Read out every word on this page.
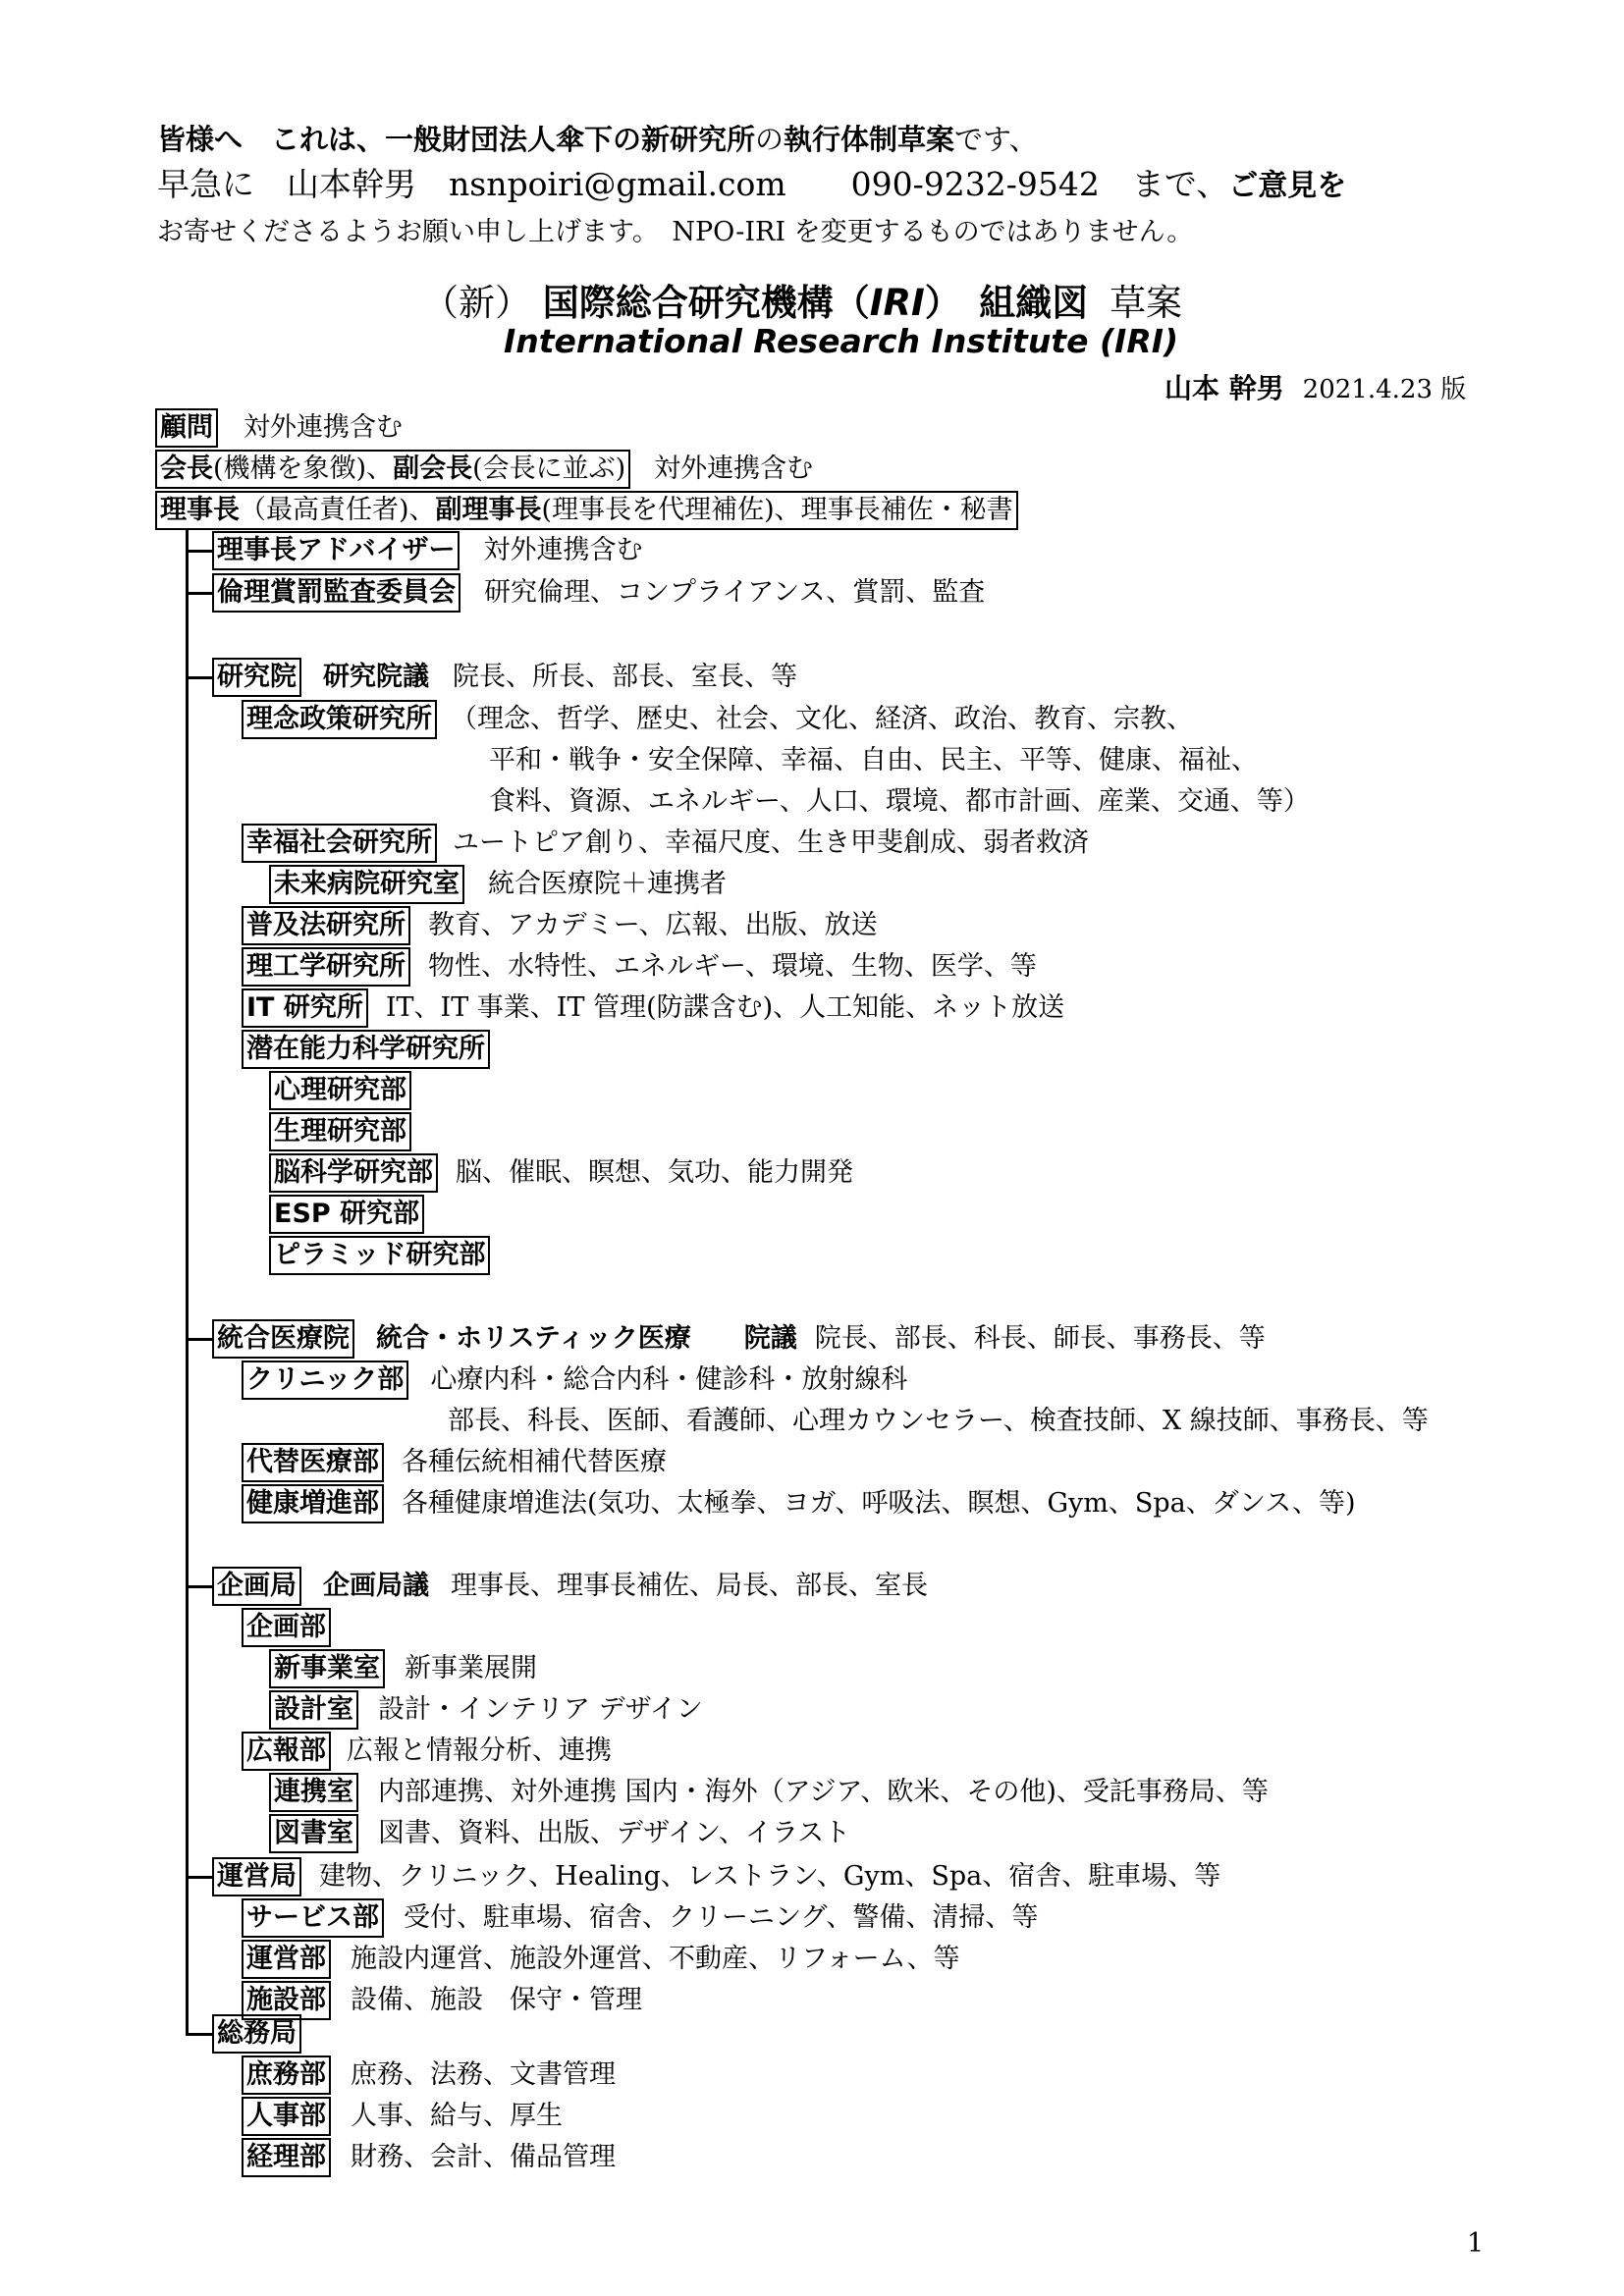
皆様へ　これは、一般財団法人傘下の新研究所の執行体制草案です、
早急に　山本幹男　nsnpoiri@gmail.com　　090-9232-9542　まで、ご意見を
お寄せくださるようお願い申し上げます。　NPO-IRI を変更するものではありません。
（新） 国際総合研究機構（IRI）　組織図 草案
International Research Institute (IRI)
山本 幹男 2021.4.23 版
顧問 対外連携含む
会長(機構を象徴)、副会長(会長に並ぶ) 対外連携含む
理事長（最高責任者)、副理事長(理事長を代理補佐)、理事長補佐・秘書
理事長アドバイザー 対外連携含む
倫理賞罰監査委員会 研究倫理、コンプライアンス、賞罰、監査
研究院 研究院議 院長、所長、部長、室長、等
理念政策研究所 （理念、哲学、歴史、社会、文化、経済、政治、教育、宗教、
平和・戦争・安全保障、幸福、自由、民主、平等、健康、福祉、
食料、資源、エネルギー、人口、環境、都市計画、産業、交通、等）
幸福社会研究所 ユートピア創り、幸福尺度、生き甲斐創成、弱者救済
未来病院研究室 統合医療院＋連携者
普及法研究所 教育、アカデミー、広報、出版、放送
理工学研究所 物性、水特性、エネルギー、環境、生物、医学、等
IT 研究所 IT、IT 事業、IT 管理(防諜含む)、人工知能、ネット放送
潜在能力科学研究所
心理研究部
生理研究部
脳科学研究部 脳、催眠、瞑想、気功、能力開発
ESP 研究部
ピラミッド研究部
統合医療院 統合・ホリスティック医療　　院議 院長、部長、科長、師長、事務長、等
クリニック部 心療内科・総合内科・健診科・放射線科
部長、科長、医師、看護師、心理カウンセラー、検査技師、X 線技師、事務長、等
代替医療部 各種伝統相補代替医療
健康増進部 各種健康増進法(気功、太極拳、ヨガ、呼吸法、瞑想、Gym、Spa、ダンス、等)
企画局 企画局議 理事長、理事長補佐、局長、部長、室長
企画部
新事業室 新事業展開
設計室 設計・インテリア デザイン
広報部 広報と情報分析、連携
連携室 内部連携、対外連携 国内・海外（アジア、欧米、その他)、受託事務局、等
図書室 図書、資料、出版、デザイン、イラスト
運営局 建物、クリニック、Healing、レストラン、Gym、Spa、宿舎、駐車場、等
サービス部 受付、駐車場、宿舎、クリーニング、警備、清掃、等
運営部 施設内運営、施設外運営、不動産、リフォーム、等
施設部 設備、施設　保守・管理
総務局
庶務部 庶務、法務、文書管理
人事部 人事、給与、厚生
経理部 財務、会計、備品管理
1
